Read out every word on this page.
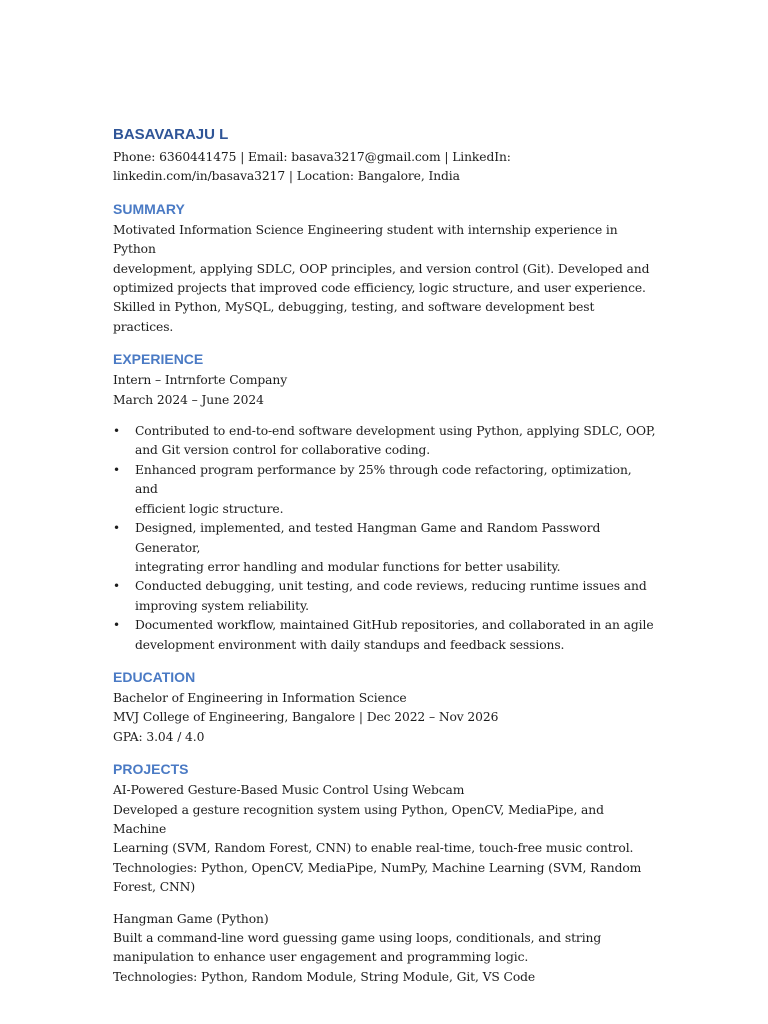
BASAVARAJU L

Phone: 6360441475 | Email: basava3217@gmail.com | LinkedIn:

linkedin.com/in/basava3217 | Location: Bangalore, India

SUMMARY

Motivated Information Science Engineering student with internship experience in Python

development, applying SDLC, OOP principles, and version control (Git). Developed and

optimized projects that improved code efficiency, logic structure, and user experience.

Skilled in Python, MySQL, debugging, testing, and software development best practices.

EXPERIENCE

Intern – Intrnforte Company

March 2024 – June 2024

• Contributed to end-to-end software development using Python, applying SDLC, OOP,
and Git version control for collaborative coding.
• Enhanced program performance by 25% through code refactoring, optimization, and
efficient logic structure.
• Designed, implemented, and tested Hangman Game and Random Password Generator,
integrating error handling and modular functions for better usability.
• Conducted debugging, unit testing, and code reviews, reducing runtime issues and
improving system reliability.
• Documented workflow, maintained GitHub repositories, and collaborated in an agile
development environment with daily standups and feedback sessions.
EDUCATION

Bachelor of Engineering in Information Science

MVJ College of Engineering, Bangalore | Dec 2022 – Nov 2026

GPA: 3.04 / 4.0

PROJECTS

AI-Powered Gesture-Based Music Control Using Webcam

Developed a gesture recognition system using Python, OpenCV, MediaPipe, and Machine

Learning (SVM, Random Forest, CNN) to enable real-time, touch-free music control.

Technologies: Python, OpenCV, MediaPipe, NumPy, Machine Learning (SVM, Random

Forest, CNN)

Hangman Game (Python)

Built a command-line word guessing game using loops, conditionals, and string

manipulation to enhance user engagement and programming logic.

Technologies: Python, Random Module, String Module, Git, VS Code
